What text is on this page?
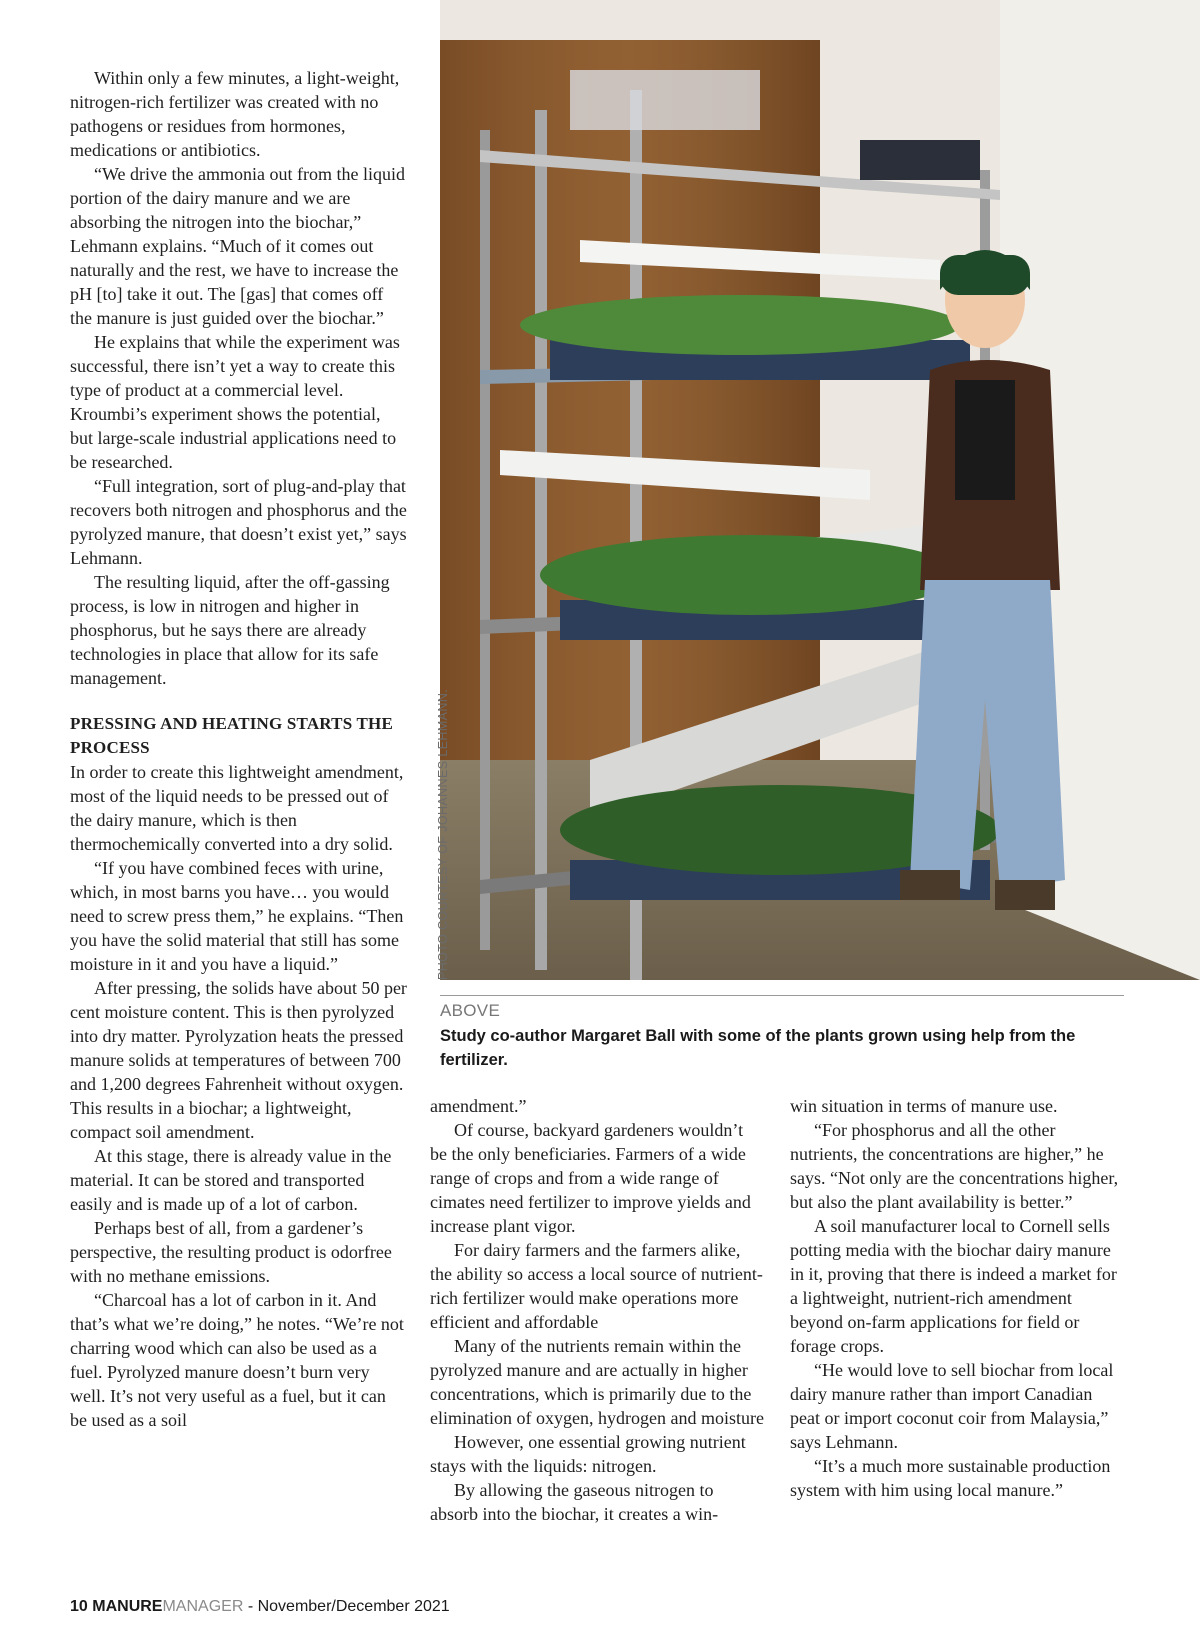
Within only a few minutes, a light-weight, nitrogen-rich fertilizer was created with no pathogens or residues from hormones, medications or antibiotics.

“We drive the ammonia out from the liquid portion of the dairy manure and we are absorbing the nitrogen into the biochar,” Lehmann explains. “Much of it comes out naturally and the rest, we have to increase the pH [to] take it out. The [gas] that comes off the manure is just guided over the biochar.”

He explains that while the experiment was successful, there isn’t yet a way to create this type of product at a commercial level. Kroumbi’s experiment shows the potential, but large-scale industrial applications need to be researched.

“Full integration, sort of plug-and-play that recovers both nitrogen and phosphorus and the pyrolyzed manure, that doesn’t exist yet,” says Lehmann.

The resulting liquid, after the off-gassing process, is low in nitrogen and higher in phosphorus, but he says there are already technologies in place that allow for its safe management.

PRESSING AND HEATING STARTS THE PROCESS

In order to create this lightweight amendment, most of the liquid needs to be pressed out of the dairy manure, which is then thermochemically converted into a dry solid.

“If you have combined feces with urine, which, in most barns you have… you would need to screw press them,” he explains. “Then you have the solid material that still has some moisture in it and you have a liquid.”

After pressing, the solids have about 50 per cent moisture content. This is then pyrolyzed into dry matter. Pyrolyzation heats the pressed manure solids at temperatures of between 700 and 1,200 degrees Fahrenheit without oxygen. This results in a biochar; a lightweight, compact soil amendment.

At this stage, there is already value in the material. It can be stored and transported easily and is made up of a lot of carbon.

Perhaps best of all, from a gardener’s perspective, the resulting product is odorfree with no methane emissions.

“Charcoal has a lot of carbon in it. And that’s what we’re doing,” he notes. “We’re not charring wood which can also be used as a fuel. Pyrolyzed manure doesn’t burn very well. It’s not very useful as a fuel, but it can be used as a soil

PHOTO COURTESY OF JOHANNES LEHMANN.
ABOVE
Study co-author Margaret Ball with some of the plants grown using help from the fertilizer.

amendment.”

Of course, backyard gardeners wouldn’t be the only beneficiaries. Farmers of a wide range of crops and from a wide range of cimates need fertilizer to improve yields and increase plant vigor.

For dairy farmers and the farmers alike, the ability so access a local source of nutrient-rich fertilizer would make operations more efficient and affordable

Many of the nutrients remain within the pyrolyzed manure and are actually in higher concentrations, which is primarily due to the elimination of oxygen, hydrogen and moisture

However, one essential growing nutrient stays with the liquids: nitrogen.

By allowing the gaseous nitrogen to absorb into the biochar, it creates a win-

win situation in terms of manure use.

“For phosphorus and all the other nutrients, the concentrations are higher,” he says. “Not only are the concentrations higher, but also the plant availability is better.”

A soil manufacturer local to Cornell sells potting media with the biochar dairy manure in it, proving that there is indeed a market for a lightweight, nutrient-rich amendment beyond on-farm applications for field or forage crops.

“He would love to sell biochar from local dairy manure rather than import Canadian peat or import coconut coir from Malaysia,” says Lehmann.

“It’s a much more sustainable production system with him using local manure.”

10 MANUREMANAGER - November/December 2021
